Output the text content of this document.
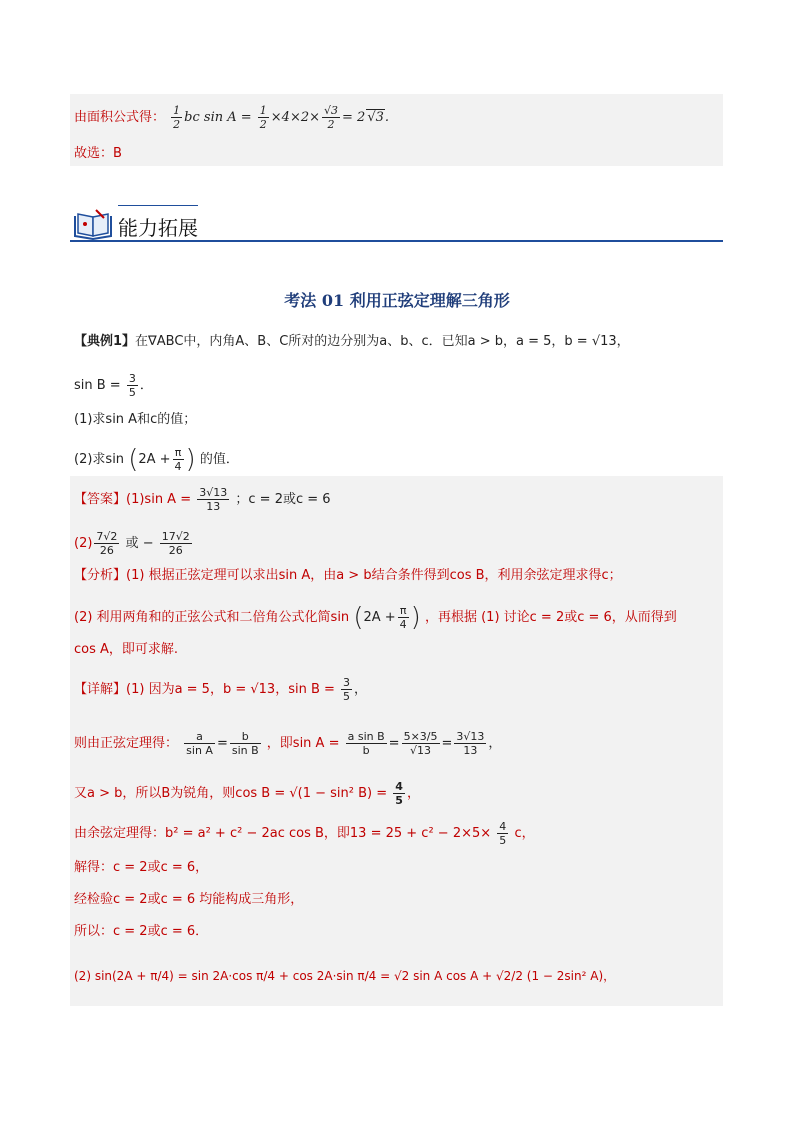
由面积公式得： $\frac{1}{2}$ bc $\sin A = \frac{1}{2} \times 4\times 2\times \frac{√3}{2} = 2$ √3.
故选：B
能力拓展
考法 01 利用正弦定理解三角形
【典例1】在∇ABC中，内角A、B、C所对的边分别为a、b、c．已知a > b，a = 5，b = √13，
$\sin B = \frac{3}{5}$ ．
(1)求sin A和c的值；
(2)求$\sin (2A + \frac{\pi}{4}$ ) 的值．
【答案】(1)sin $A = \frac{3√13}{13}$ ；c = 2或c = 6
$(2) \frac{7√2}{26}$ 或 − $\frac{17√2}{26}$
【分析】(1) 根据正弦定理可以求出sin A，由a > b结合条件得到cos B，利用余弦定理求得c；
(2) 利用两角和的正弦公式和二倍角公式化简$\sin (2A + \frac{\pi}{4}$ ) ，再根据 (1) 讨论c = 2或c = 6，从而得到
cos A，即可求解.
【详解】(1) 因为a = 5，b = √13，$\sin B = \frac{3}{5}$ ，
则由正弦定理得： $\frac{a}{\text{sin A}} = \frac{b}{\text{sin B}}$ ，即$\sin A = \frac{\text{a sin B}}{b} = \frac{5\times 3/5}{√13} = \frac{3√13}{13}$ ，
又a > b，所以B为锐角，则cos B = √(1 − sin² $B) = \frac{4}{5}$ ，
由余弦定理得：b² = a² + c² − 2ac cos B，即$13 = 25 + c^2 - 2\times 5\times \frac{4}{5}$ c，
解得：c = 2或c = 6，
经检验c = 2或c = 6 均能构成三角形，
所以：c = 2或c = 6．
(2) sin(2A + π/4) = sin 2A·cos π/4 + cos 2A·sin π/4 = √2 sin A cos A + √2/2 (1 − 2sin² A)，
